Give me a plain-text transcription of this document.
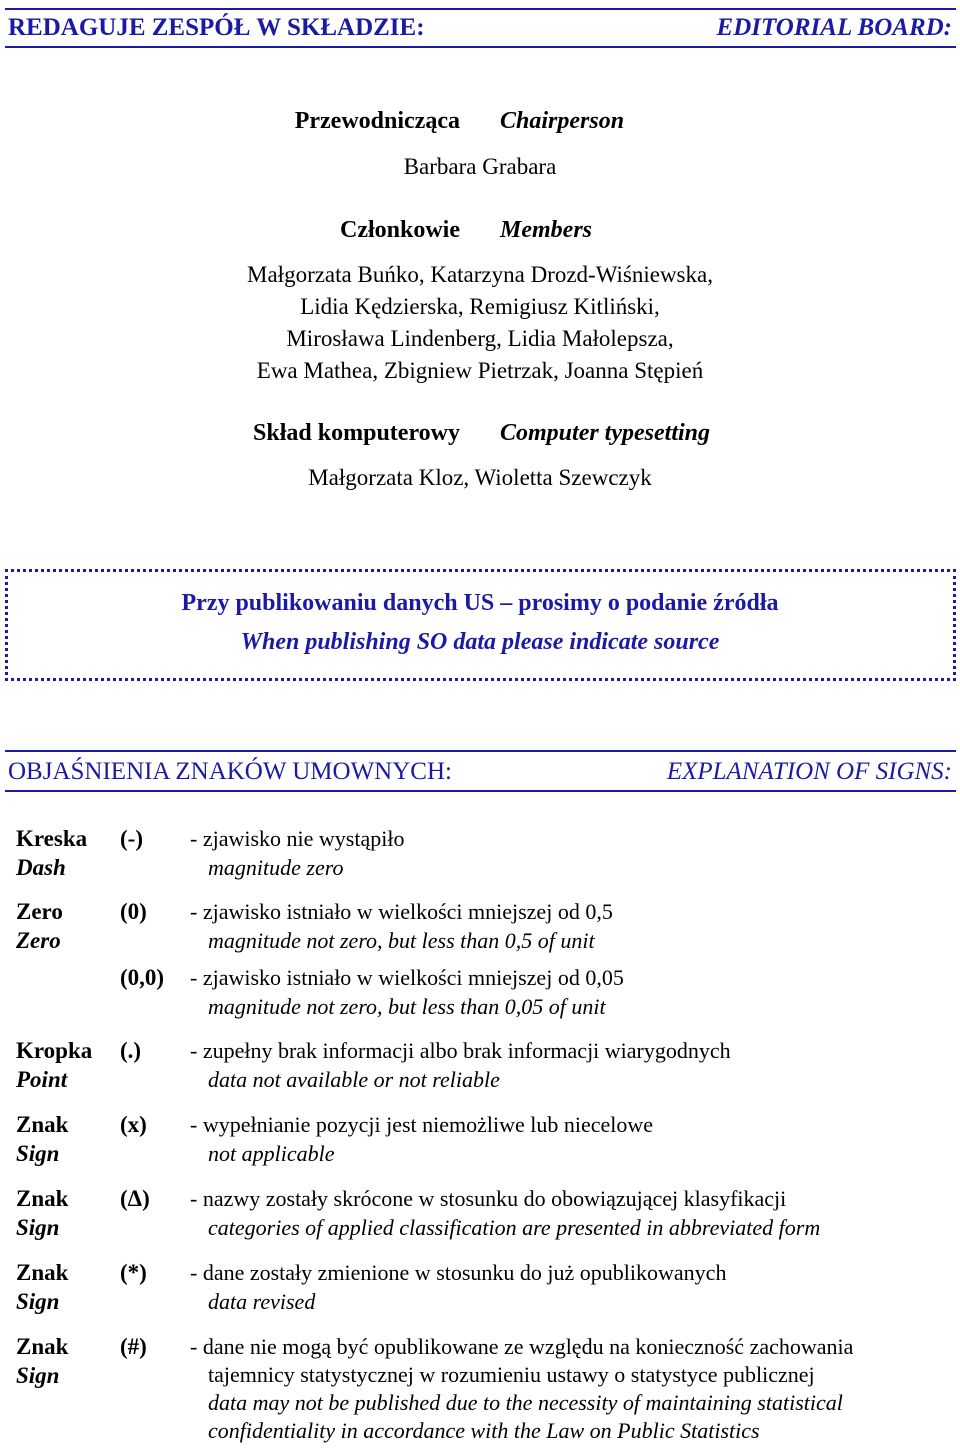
REDAGUJE ZESPÓŁ W SKŁADZIE:	EDITORIAL BOARD:
Przewodnicząca Chairperson
Barbara Grabara
Członkowie Members
Małgorzata Buńko, Katarzyna Drozd-Wiśniewska,
Lidia Kędzierska, Remigiusz Kitliński,
Mirosława Lindenberg, Lidia Małolepsza,
Ewa Mathea, Zbigniew Pietrzak, Joanna Stępień
Skład komputerowy Computer typesetting
Małgorzata Kloz, Wioletta Szewczyk
Przy publikowaniu danych US – prosimy o podanie źródła
When publishing SO data please indicate source
OBJAŚNIENIA ZNAKÓW UMOWNYCH:	EXPLANATION OF SIGNS:
Kreska
Dash
(-) - zjawisko nie wystąpiło
magnitude zero
Zero
Zero
(0) - zjawisko istniało w wielkości mniejszej od 0,5
magnitude not zero, but less than 0,5 of unit
(0,0) - zjawisko istniało w wielkości mniejszej od 0,05
magnitude not zero, but less than 0,05 of unit
Kropka
Point
(.) - zupełny brak informacji albo brak informacji wiarygodnych
data not available or not reliable
Znak
Sign
(x) - wypełnianie pozycji jest niemożliwe lub niecelowe
not applicable
Znak
Sign
(Δ) - nazwy zostały skrócone w stosunku do obowiązującej klasyfikacji
categories of applied classification are presented in abbreviated form
Znak
Sign
(*) - dane zostały zmienione w stosunku do już opublikowanych
data revised
Znak
Sign
(#) - dane nie mogą być opublikowane ze względu na konieczność zachowania
tajemnicy statystycznej w rozumieniu ustawy o statystyce publicznej
data may not be published due to the necessity of maintaining statistical
confidentiality in accordance with the Law on Public Statistics
